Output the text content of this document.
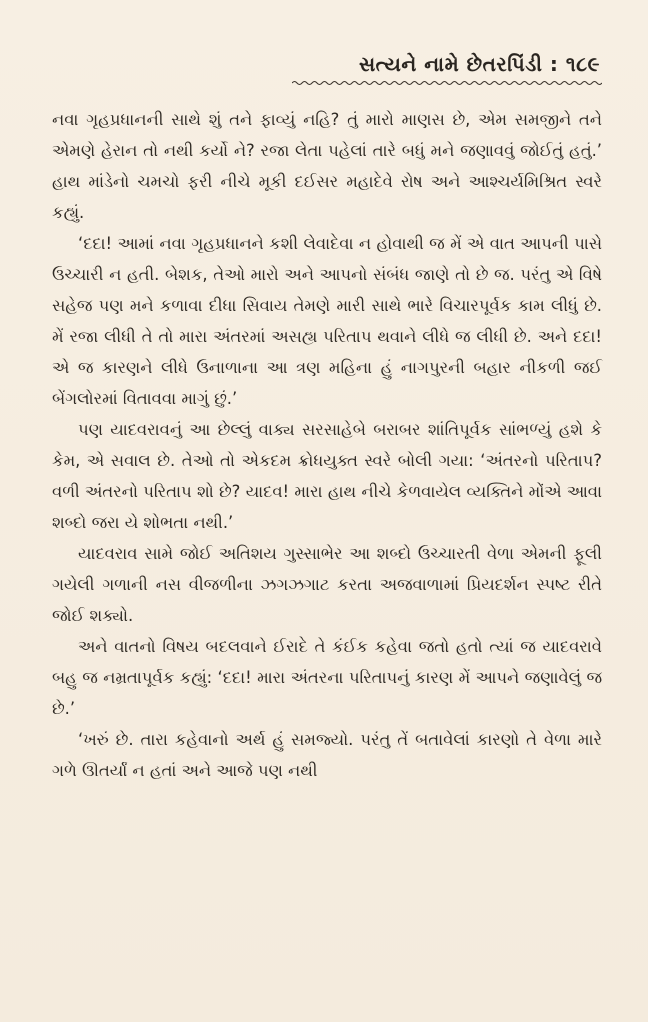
સત્યને નામે છેતરપિંડી : ૧૮૯

નવા ગૃહપ્રધાનની સાથે શું તને ફાવ્યું નહિ? તું મારો માણસ છે, એમ સમજીને તને એમણે હેરાન તો નથી કર્યો ને? રજા લેતા પહેલાં તારે બધું મને જણાવવું જોઈતું હતું.’ હાથ માંડેનો ચમચો ફરી નીચે મૂકી દઈસર મહાદેવે રોષ અને આશ્ચર્યમિશ્રિત સ્વરે કહ્યું.

‘દદા! આમાં નવા ગૃહપ્રધાનને કશી લેવાદેવા ન હોવાથી જ મેં એ વાત આપની પાસે ઉચ્ચારી ન હતી. બેશક, તેઓ મારો અને આપનો સંબંધ જાણે તો છે જ. પરંતુ એ વિષે સહેજ પણ મને કળાવા દીધા સિવાય તેમણે મારી સાથે ભારે વિચારપૂર્વક કામ લીધું છે. મેં રજા લીધી તે તો મારા અંતરમાં અસહ્ય પરિતાપ થવાને લીધે જ લીધી છે. અને દદા! એ જ કારણને લીધે ઉનાળાના આ ત્રણ મહિના હું નાગપુરની બહાર નીકળી જઈ બેંગલોરમાં વિતાવવા માગું છું.’

પણ યાદવરાવનું આ છેલ્લું વાક્ય સરસાહેબે બરાબર શાંતિપૂર્વક સાંભળ્યું હશે કે કેમ, એ સવાલ છે. તેઓ તો એકદમ ક્રોધયુક્ત સ્વરે બોલી ગયા: ‘અંતરનો પરિતાપ? વળી અંતરનો પરિતાપ શો છે? યાદવ! મારા હાથ નીચે કેળવાયેલ વ્યક્તિને મોંએ આવા શબ્દો જરા યે શોભતા નથી.’

યાદવરાવ સામે જોઈ અતિશય ગુસ્સાભેર આ શબ્દો ઉચ્ચારતી વેળા એમની ફૂલી ગયેલી ગળાની નસ વીજળીના ઝગઝગાટ કરતા અજવાળામાં પ્રિયદર્શન સ્પષ્ટ રીતે જોઈ શક્યો.

અને વાતનો વિષય બદલવાને ઈરાદે તે કંઈક કહેવા જતો હતો ત્યાં જ યાદવરાવે બહુ જ નમ્રતાપૂર્વક કહ્યું: ‘દદા! મારા અંતરના પરિતાપનું કારણ મેં આપને જણાવેલું જ છે.’

‘ખરું છે. તારા કહેવાનો અર્થ હું સમજ્યો. પરંતુ તેં બતાવેલાં કારણો તે વેળા મારે ગળે ઊતર્યાં ન હતાં અને આજે પણ નથી
